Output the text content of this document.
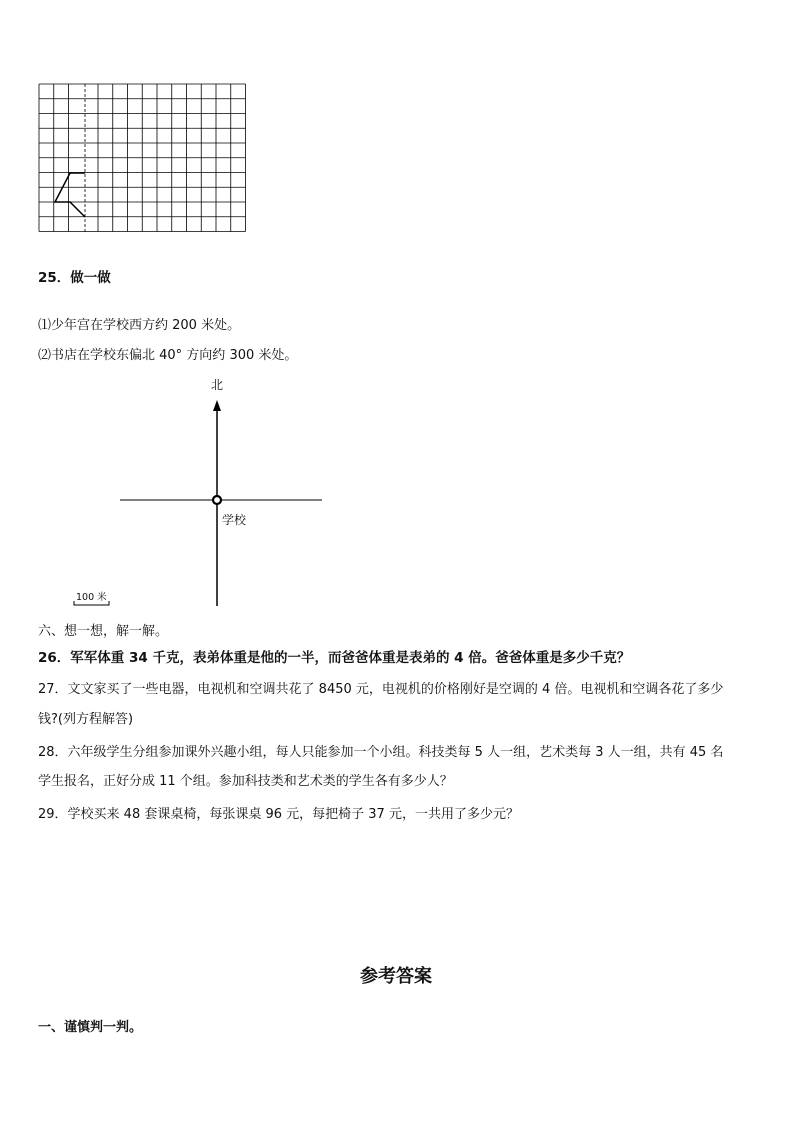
25．做一做
⑴少年宫在学校西方约 200 米处。
⑵书店在学校东偏北 40° 方向约 300 米处。
北
学校
100 米
六、想一想，解一解。
26．军军体重 34 千克，表弟体重是他的一半，而爸爸体重是表弟的 4 倍。爸爸体重是多少千克？
27．文文家买了一些电器，电视机和空调共花了 8450 元，电视机的价格刚好是空调的 4 倍。电视机和空调各花了多少
钱?(列方程解答)
28．六年级学生分组参加课外兴趣小组，每人只能参加一个小组。科技类每 5 人一组，艺术类每 3 人一组，共有 45 名
学生报名，正好分成 11 个组。参加科技类和艺术类的学生各有多少人？
29．学校买来 48 套课桌椅，每张课桌 96 元，每把椅子 37 元，一共用了多少元？
参考答案
一、谨慎判一判。
